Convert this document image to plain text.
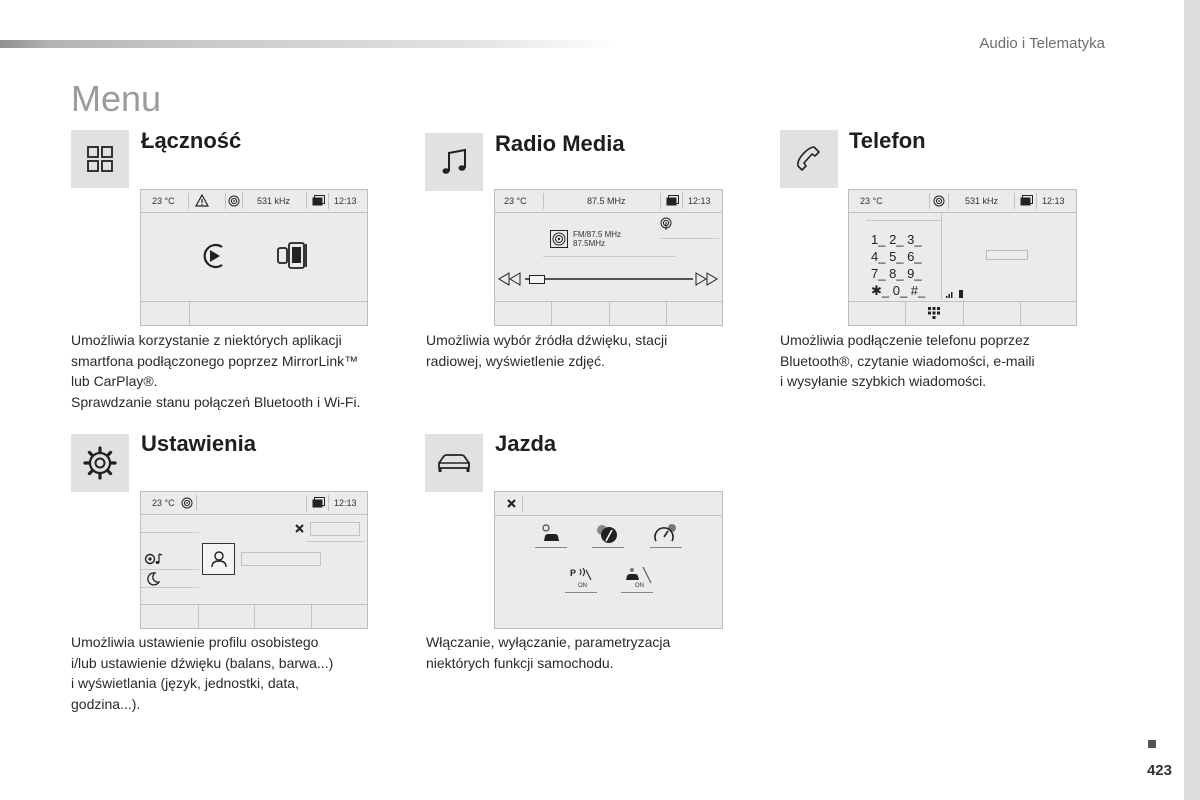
Audio i Telematyka
Menu
Łączność
23 °C	531 kHz	12:13

Umożliwia korzystanie z niektórych aplikacji

smartfona podłączonego poprzez MirrorLink™

lub CarPlay®.

Sprawdzanie stanu połączeń Bluetooth i Wi-Fi.

Radio Media
23 °C	87.5 MHz	12:13
FM/87.5 MHz
87.5MHz

Umożliwia wybór źródła dźwięku, stacji

radiowej, wyświetlenie zdjęć.

Telefon
23 °C	531 kHz	12:13
1_ 2_ 3_
4_ 5_ 6_
7_ 8_ 9_
✱_ 0_ #_

Umożliwia podłączenie telefonu poprzez

Bluetooth®, czytanie wiadomości, e-maili

i wysyłanie szybkich wiadomości.

Ustawienia
23 °C	12:13

Umożliwia ustawienie profilu osobistego

i/lub ustawienie dźwięku (balans, barwa...)

i wyświetlania (język, jednostki, data,

godzina...).

Jazda
P
ON	ON

Włączanie, wyłączanie, parametryzacja

niektórych funkcji samochodu.

423
